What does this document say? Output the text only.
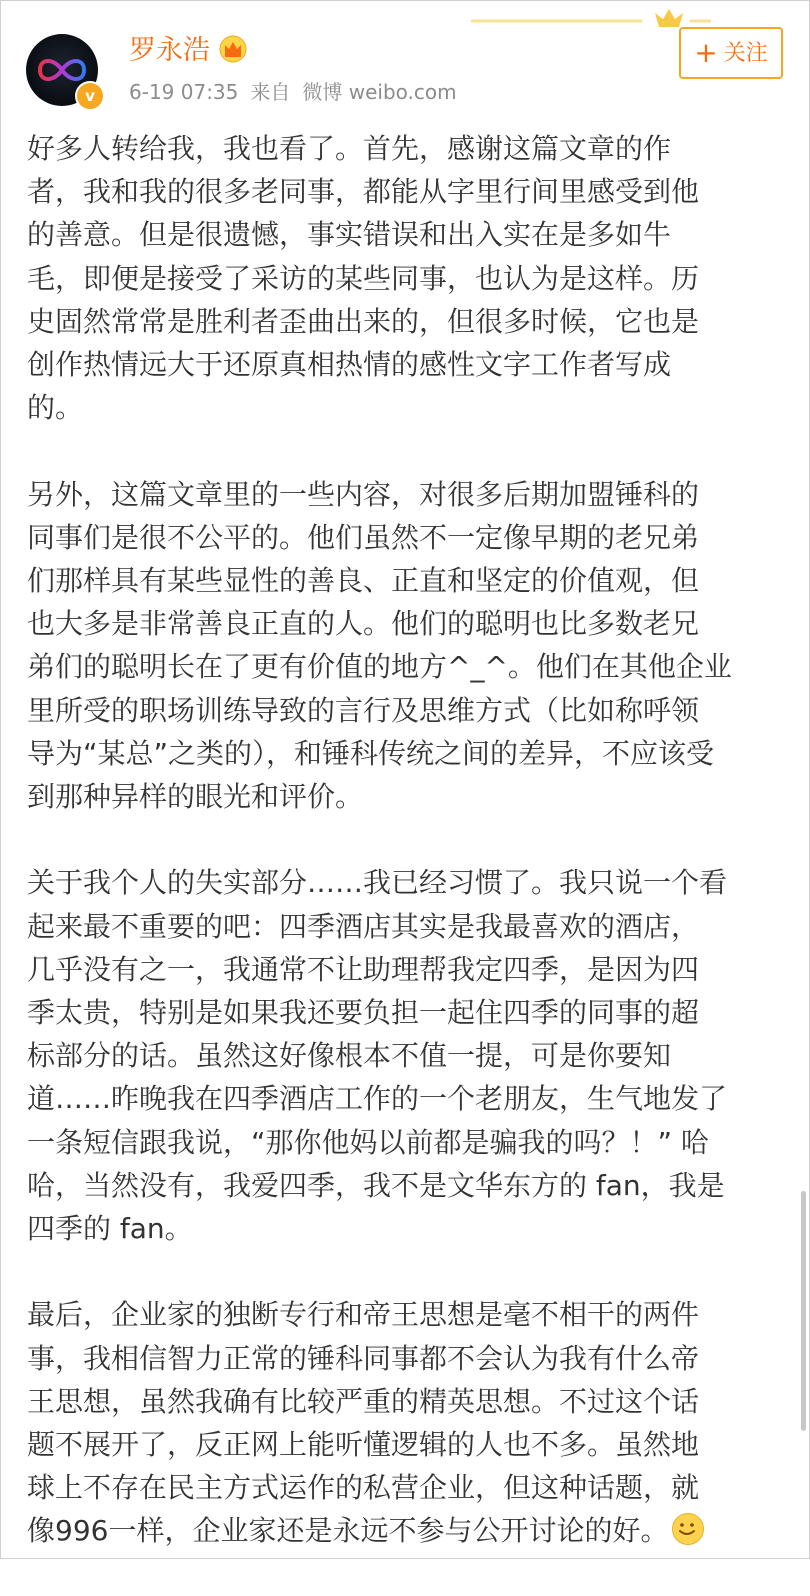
v
罗永浩
6-19 07:35 来自 微博 weibo.com
+ 关注
好多人转给我，我也看了。首先，感谢这篇文章的作
者，我和我的很多老同事，都能从字里行间里感受到他
的善意。但是很遗憾，事实错误和出入实在是多如牛
毛，即便是接受了采访的某些同事，也认为是这样。历
史固然常常是胜利者歪曲出来的，但很多时候，它也是
创作热情远大于还原真相热情的感性文字工作者写成
的。
另外，这篇文章里的一些内容，对很多后期加盟锤科的
同事们是很不公平的。他们虽然不一定像早期的老兄弟
们那样具有某些显性的善良、正直和坚定的价值观，但
也大多是非常善良正直的人。他们的聪明也比多数老兄
弟们的聪明长在了更有价值的地方^_^。他们在其他企业
里所受的职场训练导致的言行及思维方式（比如称呼领
导为“某总”之类的），和锤科传统之间的差异，不应该受
到那种异样的眼光和评价。
关于我个人的失实部分……我已经习惯了。我只说一个看
起来最不重要的吧：四季酒店其实是我最喜欢的酒店，
几乎没有之一，我通常不让助理帮我定四季，是因为四
季太贵，特别是如果我还要负担一起住四季的同事的超
标部分的话。虽然这好像根本不值一提，可是你要知
道……昨晚我在四季酒店工作的一个老朋友，生气地发了
一条短信跟我说，“那你他妈以前都是骗我的吗？！” 哈
哈，当然没有，我爱四季，我不是文华东方的 fan，我是
四季的 fan。
最后，企业家的独断专行和帝王思想是毫不相干的两件
事，我相信智力正常的锤科同事都不会认为我有什么帝
王思想，虽然我确有比较严重的精英思想。不过这个话
题不展开了，反正网上能听懂逻辑的人也不多。虽然地
球上不存在民主方式运作的私营企业，但这种话题，就
像996一样，企业家还是永远不参与公开讨论的好。
